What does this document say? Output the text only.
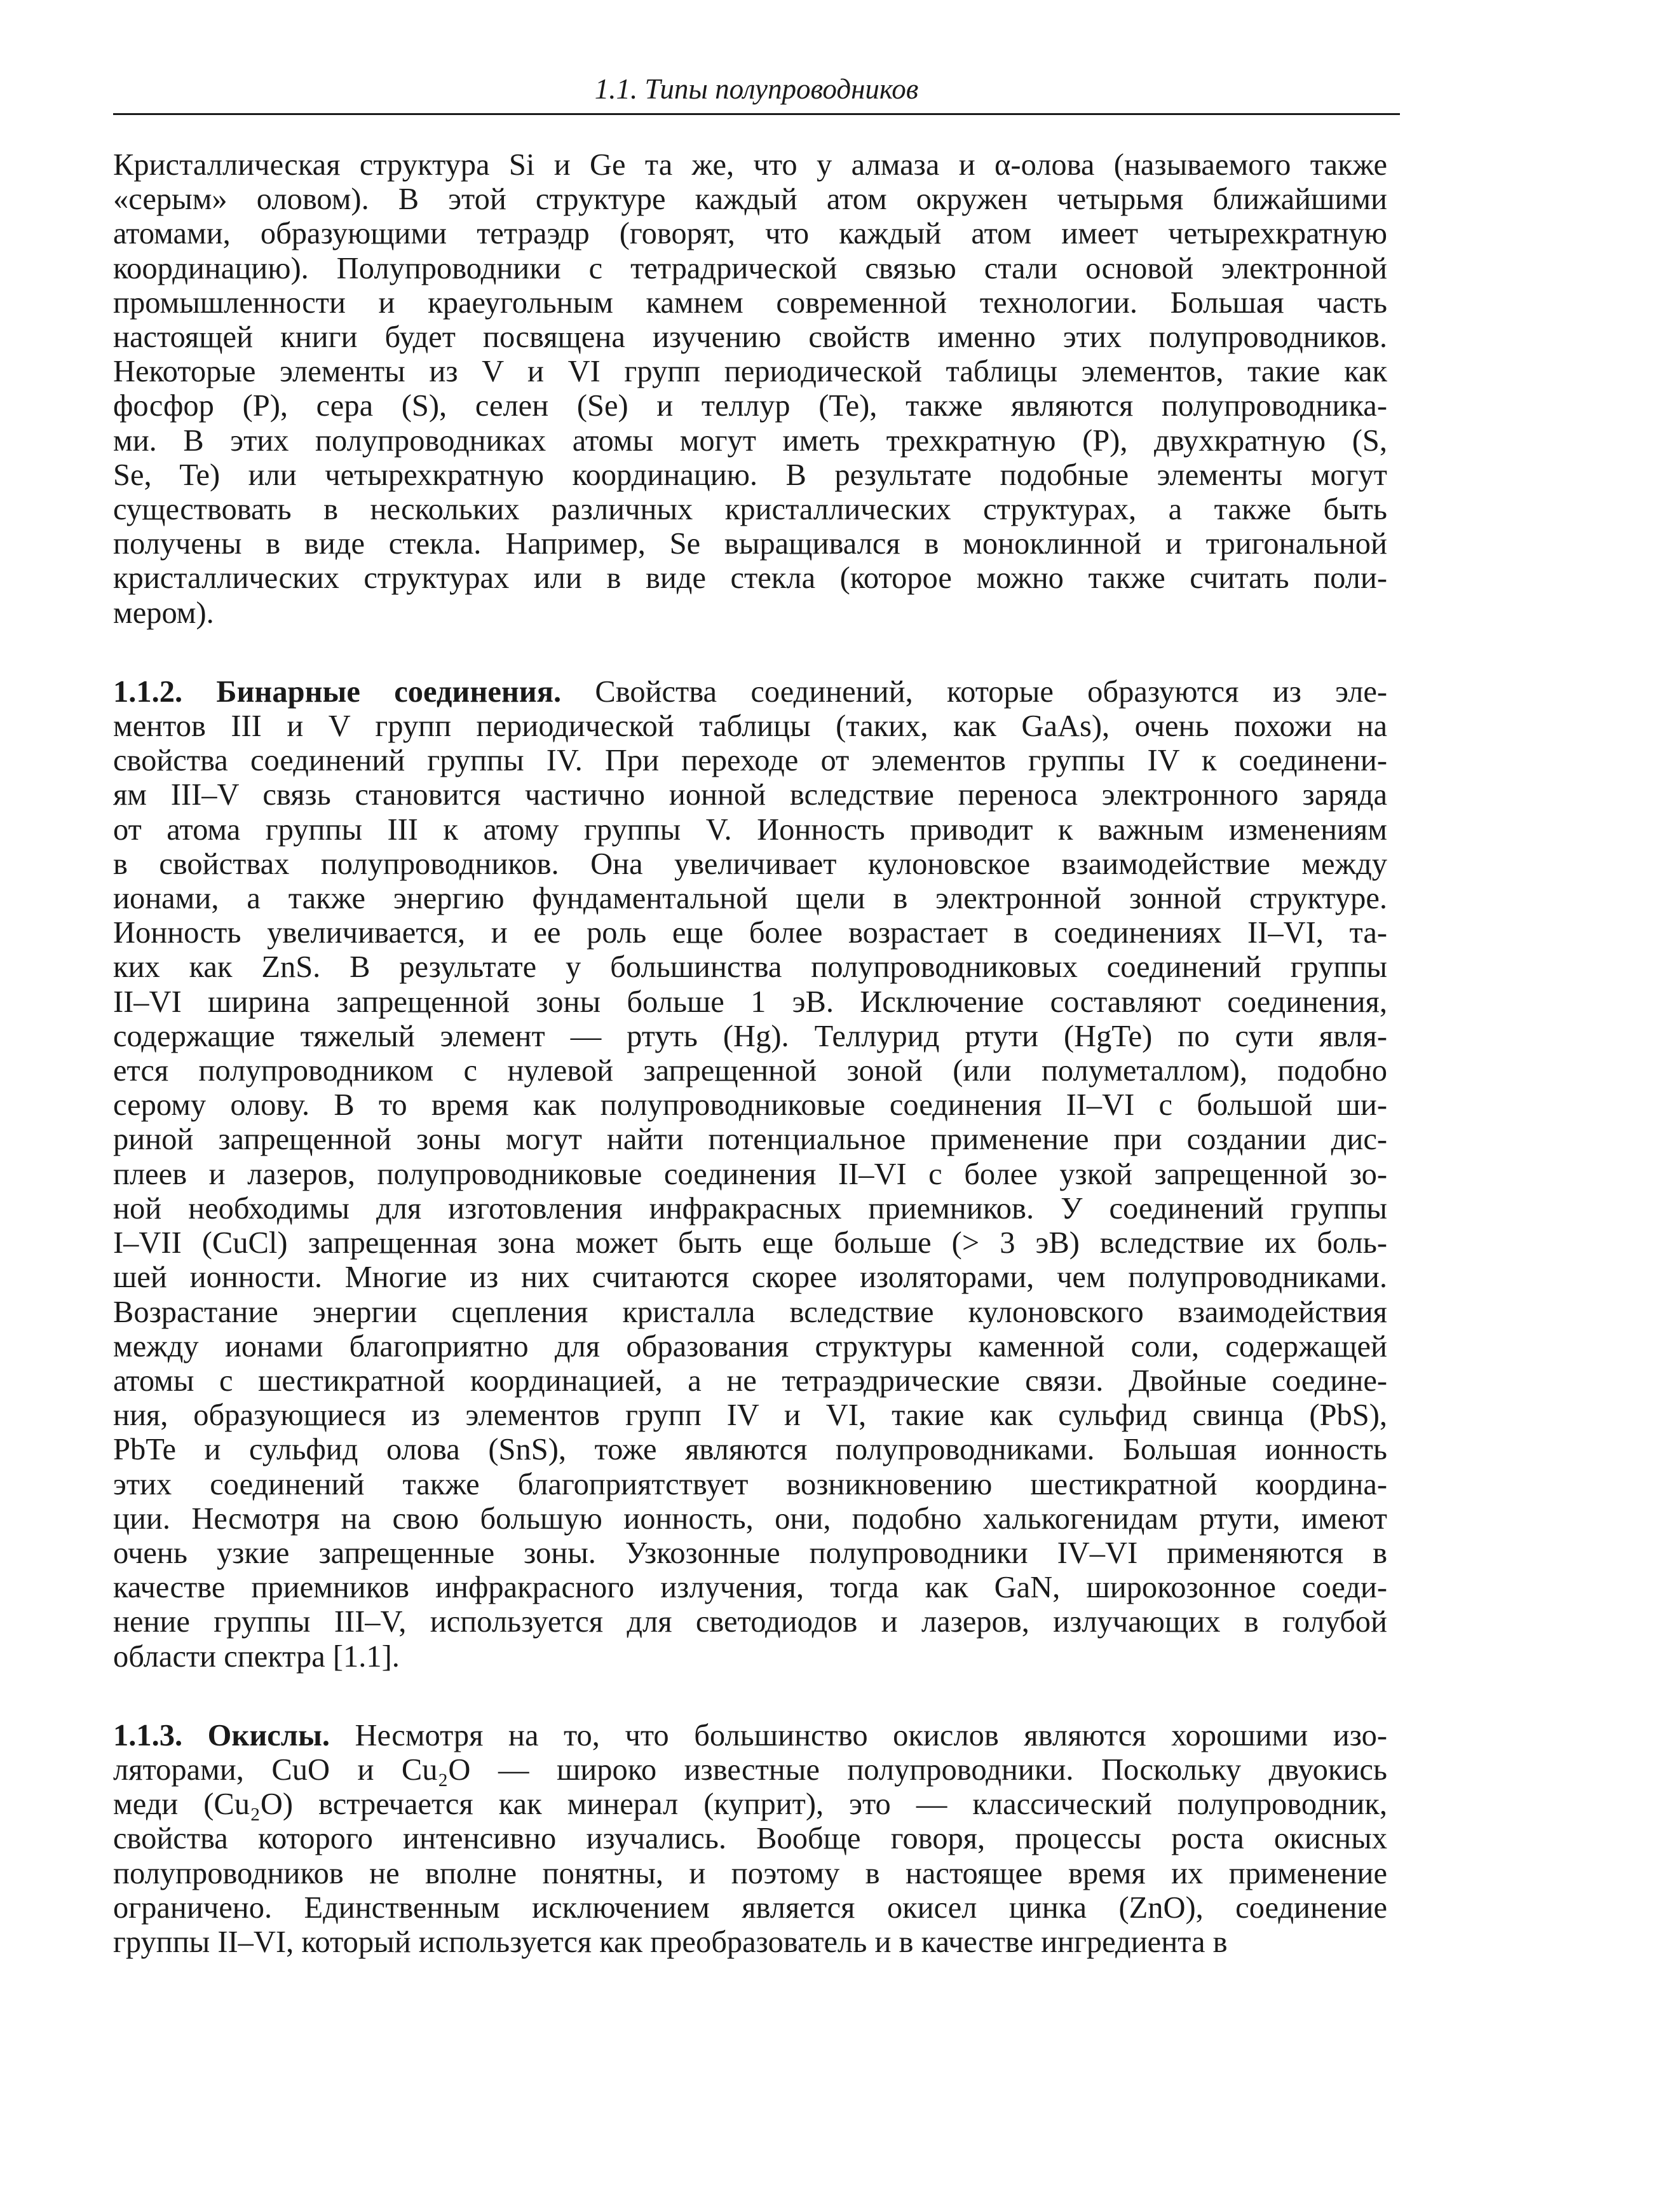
1.1. Типы полупроводников
Кристаллическая структура Si и Ge та же, что у алмаза и α-олова (называемого также
«серым» оловом). В этой структуре каждый атом окружен четырьмя ближайшими
атомами, образующими тетраэдр (говорят, что каждый атом имеет четырехкратную
координацию). Полупроводники с тетрадрической связью стали основой электронной
промышленности и краеугольным камнем современной технологии. Большая часть
настоящей книги будет посвящена изучению свойств именно этих полупроводников.
Некоторые элементы из V и VI групп периодической таблицы элементов, такие как
фосфор (P), сера (S), селен (Se) и теллур (Te), также являются полупроводника-
ми. В этих полупроводниках атомы могут иметь трехкратную (P), двухкратную (S,
Se, Te) или четырехкратную координацию. В результате подобные элементы могут
существовать в нескольких различных кристаллических структурах, а также быть
получены в виде стекла. Например, Se выращивался в моноклинной и тригональной
кристаллических структурах или в виде стекла (которое можно также считать поли-
мером).
1.1.2. Бинарные соединения. Свойства соединений, которые образуются из эле-
ментов III и V групп периодической таблицы (таких, как GaAs), очень похожи на
свойства соединений группы IV. При переходе от элементов группы IV к соединени-
ям III–V связь становится частично ионной вследствие переноса электронного заряда
от атома группы III к атому группы V. Ионность приводит к важным изменениям
в свойствах полупроводников. Она увеличивает кулоновское взаимодействие между
ионами, а также энергию фундаментальной щели в электронной зонной структуре.
Ионность увеличивается, и ее роль еще более возрастает в соединениях II–VI, та-
ких как ZnS. В результате у большинства полупроводниковых соединений группы
II–VI ширина запрещенной зоны больше 1 эВ. Исключение составляют соединения,
содержащие тяжелый элемент — ртуть (Hg). Теллурид ртути (HgTe) по сути явля-
ется полупроводником с нулевой запрещенной зоной (или полуметаллом), подобно
серому олову. В то время как полупроводниковые соединения II–VI с большой ши-
риной запрещенной зоны могут найти потенциальное применение при создании дис-
плеев и лазеров, полупроводниковые соединения II–VI с более узкой запрещенной зо-
ной необходимы для изготовления инфракрасных приемников. У соединений группы
I–VII (CuCl) запрещенная зона может быть еще больше (> 3 эВ) вследствие их боль-
шей ионности. Многие из них считаются скорее изоляторами, чем полупроводниками.
Возрастание энергии сцепления кристалла вследствие кулоновского взаимодействия
между ионами благоприятно для образования структуры каменной соли, содержащей
атомы с шестикратной координацией, а не тетраэдрические связи. Двойные соедине-
ния, образующиеся из элементов групп IV и VI, такие как сульфид свинца (PbS),
PbTe и сульфид олова (SnS), тоже являются полупроводниками. Большая ионность
этих соединений также благоприятствует возникновению шестикратной координа-
ции. Несмотря на свою большую ионность, они, подобно халькогенидам ртути, имеют
очень узкие запрещенные зоны. Узкозонные полупроводники IV–VI применяются в
качестве приемников инфракрасного излучения, тогда как GaN, широкозонное соеди-
нение группы III–V, используется для светодиодов и лазеров, излучающих в голубой
области спектра [1.1].
1.1.3. Окислы. Несмотря на то, что большинство окислов являются хорошими изо-
ляторами, CuO и Cu₂O — широко известные полупроводники. Поскольку двуокись
меди (Cu₂O) встречается как минерал (куприт), это — классический полупроводник,
свойства которого интенсивно изучались. Вообще говоря, процессы роста окисных
полупроводников не вполне понятны, и поэтому в настоящее время их применение
ограничено. Единственным исключением является окисел цинка (ZnO), соединение
группы II–VI, который используется как преобразователь и в качестве ингредиента в
